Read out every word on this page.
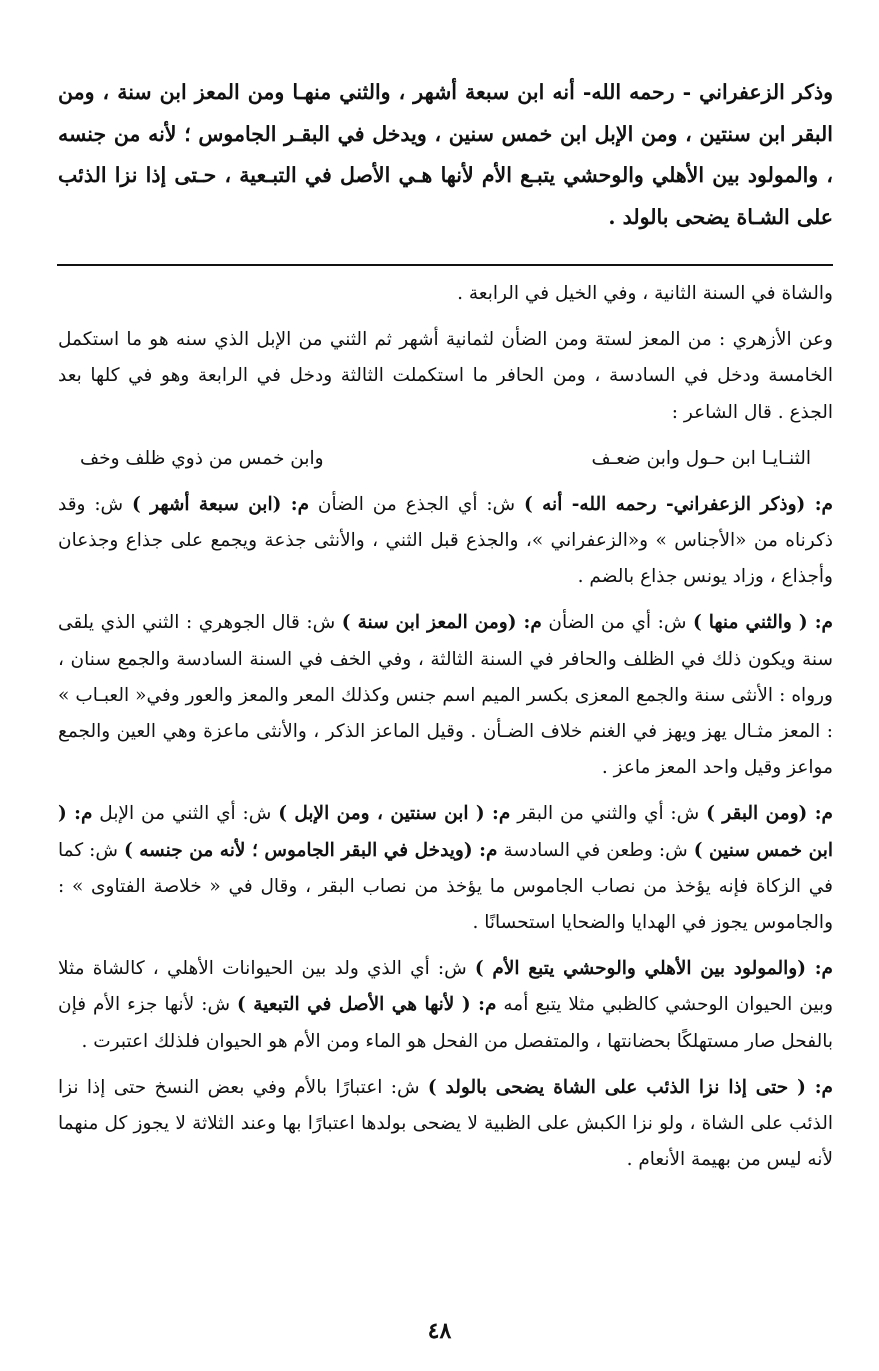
وذكر الزعفراني - رحمه الله- أنه ابن سبعة أشهر ، والثني منهـا ومن المعز ابن سنة ، ومن البقر ابن سنتين ، ومن الإبل ابن خمس سنين ، ويدخل في البقـر الجاموس ؛ لأنه من جنسه ، والمولود بين الأهلي والوحشي يتبـع الأم لأنها هـي الأصل في التبـعية ، حـتى إذا نزا الذئب على الشـاة يضحى بالولد .

والشاة في السنة الثانية ، وفي الخيل في الرابعة .

وعن الأزهري : من المعز لستة ومن الضأن لثمانية أشهر ثم الثني من الإبل الذي سنه هو ما استكمل الخامسة ودخل في السادسة ، ومن الحافر ما استكملت الثالثة ودخل في الرابعة وهو في كلها بعد الجذع . قال الشاعر :

الثنـايـا ابن حـول وابن ضعـف
وابن خمس من ذوي ظلف وخف

م: (وذكر الزعفراني- رحمه الله- أنه ) ش: أي الجذع من الضأن م: (ابن سبعة أشهر ) ش: وقد ذكرناه من «الأجناس » و«الزعفراني »، والجذع قبل الثني ، والأنثى جذعة ويجمع على جذاع وجذعان وأجذاع ، وزاد يونس جذاع بالضم .

م: ( والثني منها ) ش: أي من الضأن م: (ومن المعز ابن سنة ) ش: قال الجوهري : الثني الذي يلقى سنة ويكون ذلك في الظلف والحافر في السنة الثالثة ، وفي الخف في السنة السادسة والجمع سنان ، ورواه : الأنثى سنة والجمع المعزى بكسر الميم اسم جنس وكذلك المعر والمعز والعور وفي« العبـاب » : المعز مثـال يهز ويهز في الغنم خلاف الضـأن . وقيل الماعز الذكر ، والأنثى ماعزة وهي العين والجمع مواعز وقيل واحد المعز ماعز .

م: (ومن البقر ) ش: أي والثني من البقر م: ( ابن سنتين ، ومن الإبل ) ش: أي الثني من الإبل م: ( ابن خمس سنين ) ش: وطعن في السادسة م: (ويدخل في البقر الجاموس ؛ لأنه من جنسه ) ش: كما في الزكاة فإنه يؤخذ من نصاب الجاموس ما يؤخذ من نصاب البقر ، وقال في « خلاصة الفتاوى » : والجاموس يجوز في الهدايا والضحايا استحسانًا .

م: (والمولود بين الأهلي والوحشي يتبع الأم ) ش: أي الذي ولد بين الحيوانات الأهلي ، كالشاة مثلا وبين الحيوان الوحشي كالظبي مثلا يتبع أمه م: ( لأنها هي الأصل في التبعية ) ش: لأنها جزء الأم فإن بالفحل صار مستهلكًا بحضانتها ، والمتفصل من الفحل هو الماء ومن الأم هو الحيوان فلذلك اعتبرت .

م: ( حتى إذا نزا الذئب على الشاة يضحى بالولد ) ش: اعتبارًا بالأم وفي بعض النسخ حتى إذا نزا الذئب على الشاة ، ولو نزا الكبش على الظبية لا يضحى بولدها اعتبارًا بها وعند الثلاثة لا يجوز كل منهما لأنه ليس من بهيمة الأنعام .

٤٨
